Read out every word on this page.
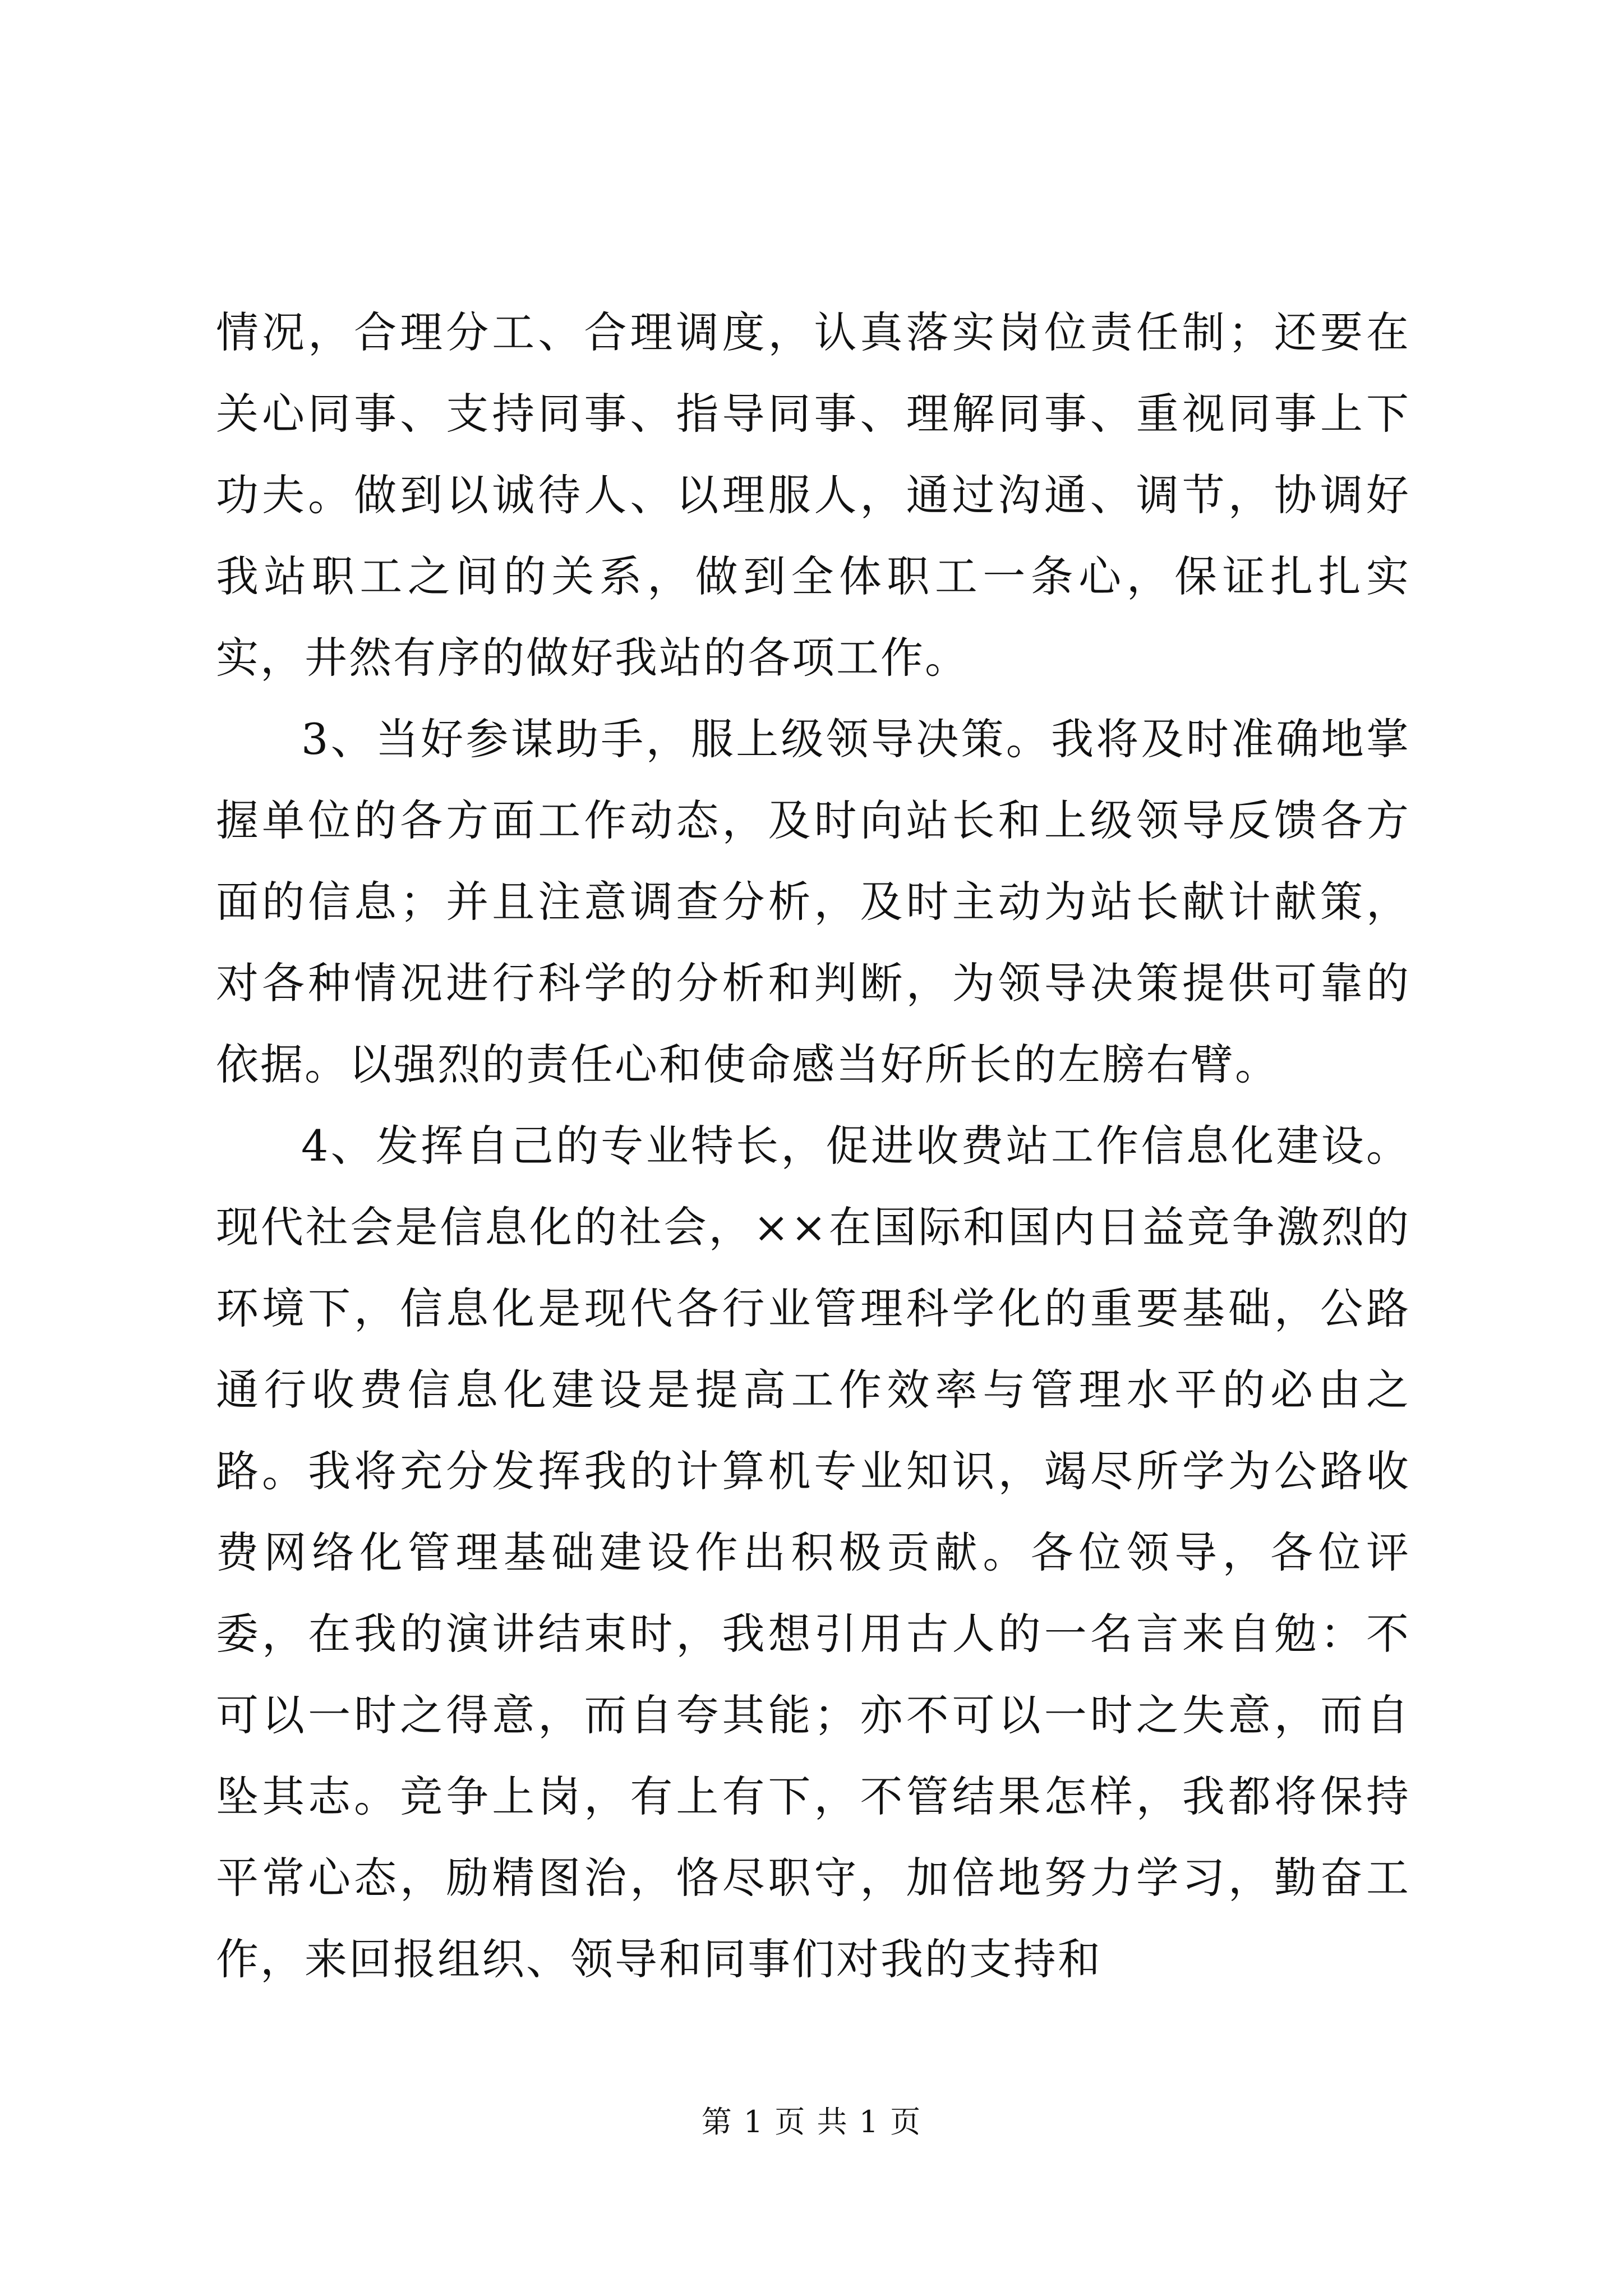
情况，合理分工、合理调度，认真落实岗位责任制；还要在关心同事、支持同事、指导同事、理解同事、重视同事上下功夫。做到以诚待人、以理服人，通过沟通、调节，协调好我站职工之间的关系，做到全体职工一条心，保证扎扎实实，井然有序的做好我站的各项工作。

3、当好参谋助手，服上级领导决策。我将及时准确地掌握单位的各方面工作动态，及时向站长和上级领导反馈各方面的信息；并且注意调查分析，及时主动为站长献计献策，对各种情况进行科学的分析和判断，为领导决策提供可靠的依据。以强烈的责任心和使命感当好所长的左膀右臂。

4、发挥自己的专业特长，促进收费站工作信息化建设。现代社会是信息化的社会，××在国际和国内日益竞争激烈的环境下，信息化是现代各行业管理科学化的重要基础，公路通行收费信息化建设是提高工作效率与管理水平的必由之路。我将充分发挥我的计算机专业知识，竭尽所学为公路收费网络化管理基础建设作出积极贡献。各位领导，各位评委，在我的演讲结束时，我想引用古人的一名言来自勉：不可以一时之得意，而自夸其能；亦不可以一时之失意，而自坠其志。竞争上岗，有上有下，不管结果怎样，我都将保持平常心态，励精图治，恪尽职守，加倍地努力学习，勤奋工作，来回报组织、领导和同事们对我的支持和

第 1 页 共 1 页
